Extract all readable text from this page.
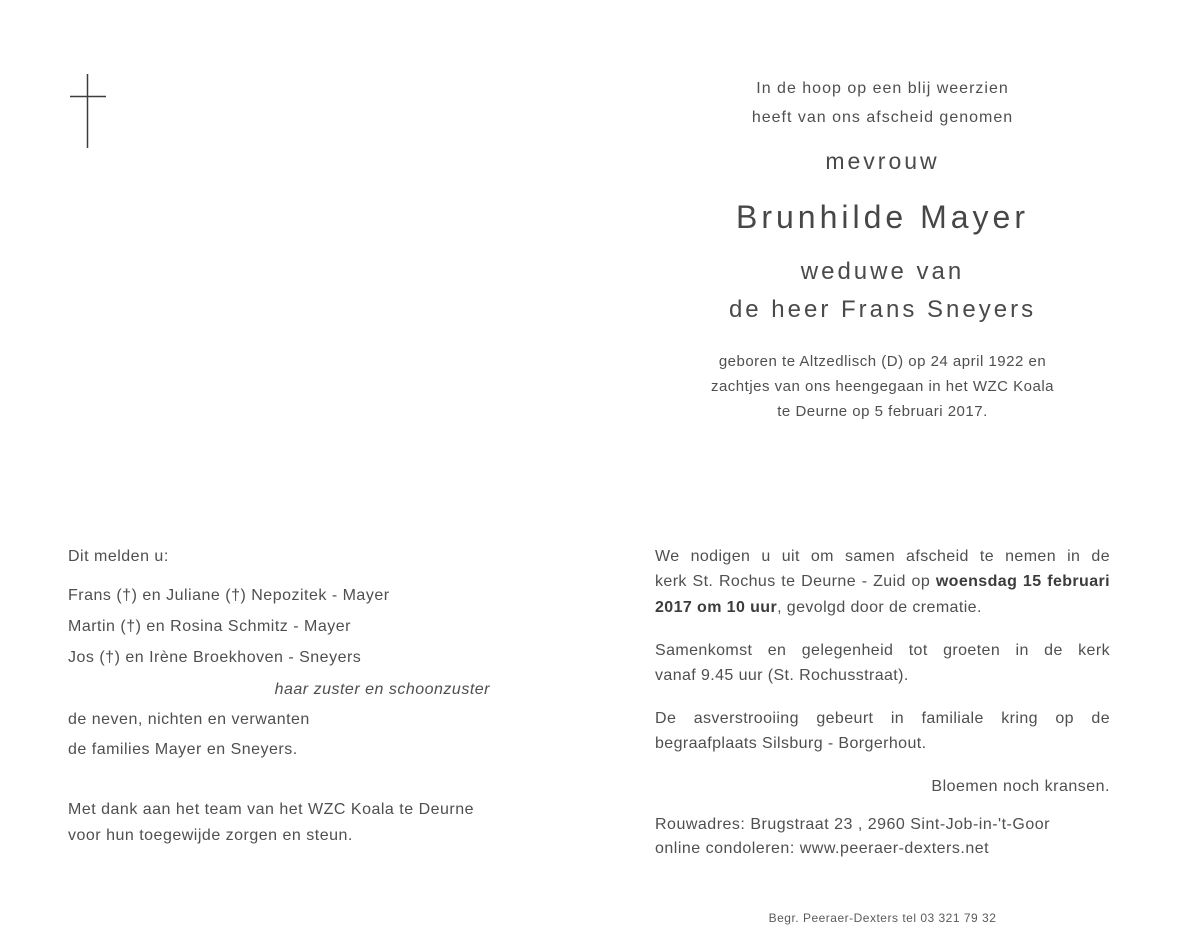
In de hoop op een blij weerzien
heeft van ons afscheid genomen
mevrouw
Brunhilde Mayer
weduwe van
de heer Frans Sneyers
geboren te Altzedlisch (D) op 24 april 1922 en
zachtjes van ons heengegaan in het WZC Koala
te Deurne op 5 februari 2017.
Dit melden u:
Frans (†) en Juliane (†) Nepozitek - Mayer
Martin (†) en Rosina Schmitz - Mayer
Jos (†) en Irène Broekhoven - Sneyers
haar zuster en schoonzuster
de neven, nichten en verwanten
de families Mayer en Sneyers.
Met dank aan het team van het WZC Koala te Deurne
voor hun toegewijde zorgen en steun.
We nodigen u uit om samen afscheid te nemen in de
kerk St. Rochus te Deurne - Zuid op woensdag 15 februari
2017 om 10 uur, gevolgd door de crematie.
Samenkomst en gelegenheid tot groeten in de kerk
vanaf 9.45 uur (St. Rochusstraat).
De asverstrooiing gebeurt in familiale kring op de
begraafplaats Silsburg - Borgerhout.
Bloemen noch kransen.
Rouwadres: Brugstraat 23 , 2960 Sint-Job-in-'t-Goor
online condoleren: www.peeraer-dexters.net
Begr. Peeraer-Dexters tel 03 321 79 32
